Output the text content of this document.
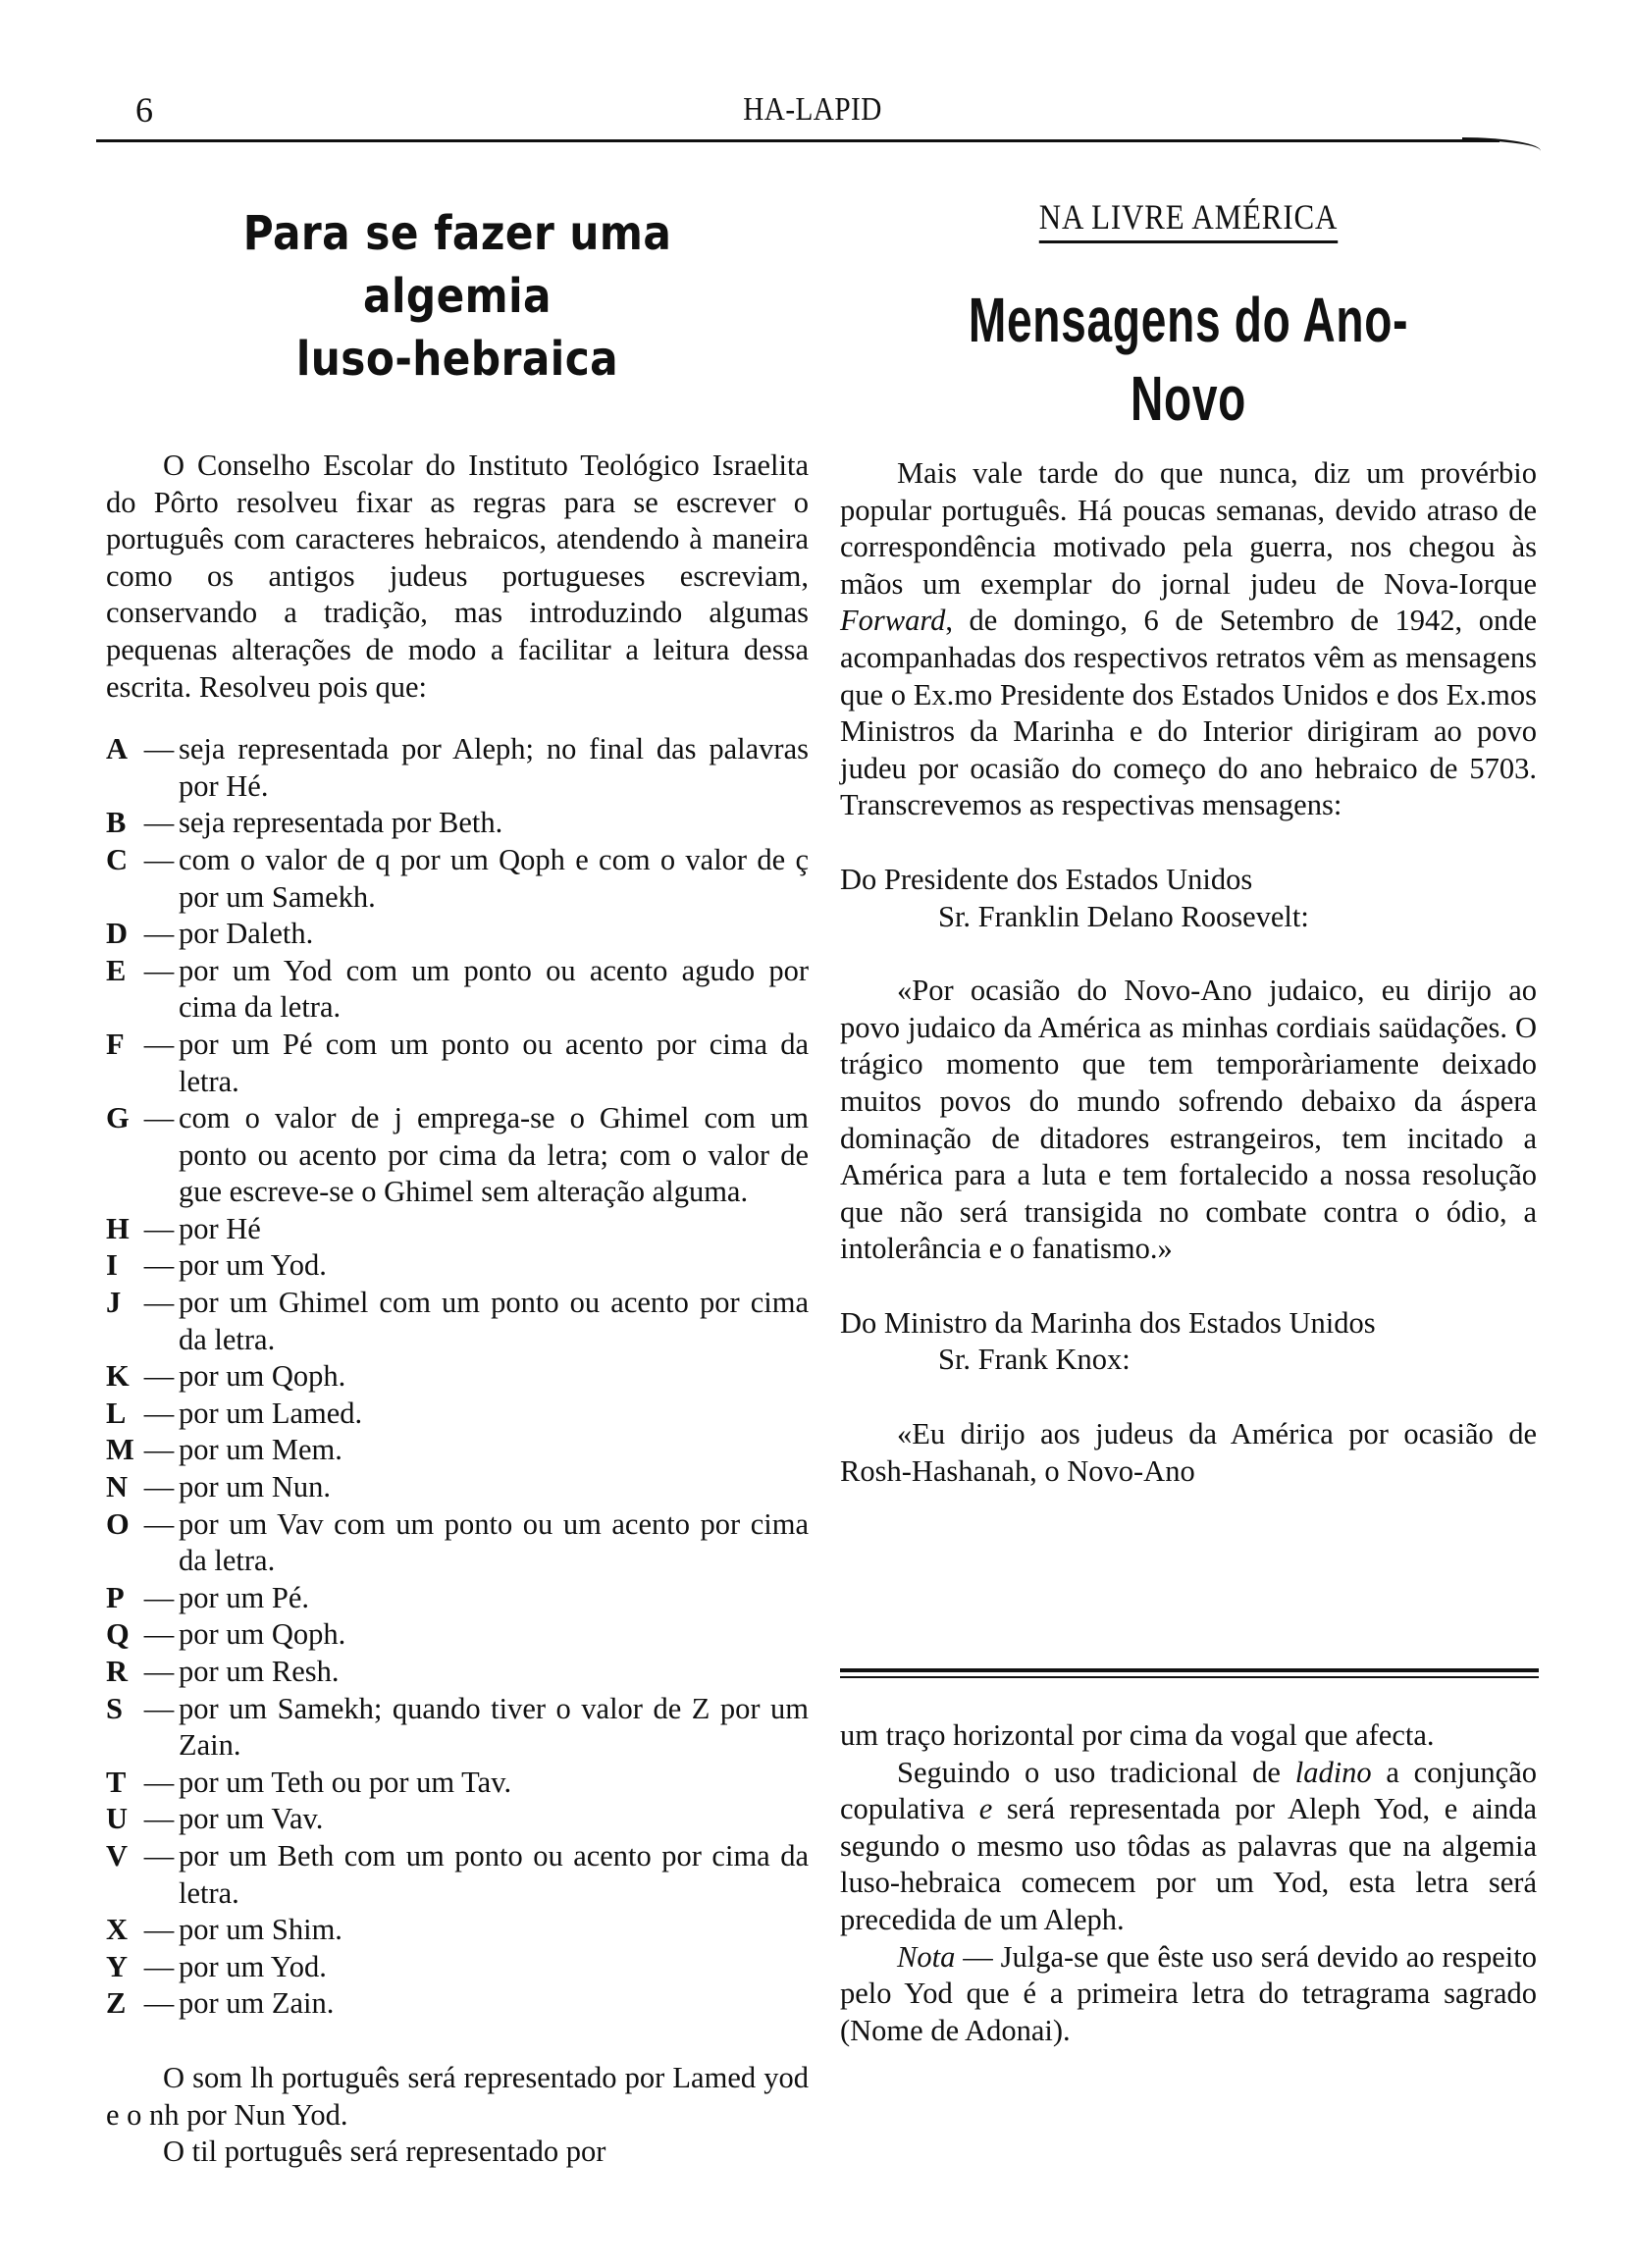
6	HA-LAPID
Para se fazer uma algemia
luso-hebraica

O Conselho Escolar do Instituto Teológico Israelita do Pôrto resolveu fixar as regras para se escrever o português com caracteres hebraicos, atendendo à maneira como os antigos judeus portugueses escreviam, conservando a tradição, mas introduzindo algumas pequenas alterações de modo a facilitar a leitura dessa escrita. Resolveu pois que:

A — seja representada por Aleph; no final das palavras por Hé.
B — seja representada por Beth.
C — com o valor de q por um Qoph e com o valor de ç por um Samekh.
D — por Daleth.
E — por um Yod com um ponto ou acento agudo por cima da letra.
F — por um Pé com um ponto ou acento por cima da letra.
G — com o valor de j emprega-se o Ghimel com um ponto ou acento por cima da letra; com o valor de gue escreve-se o Ghimel sem alteração alguma.
H — por Hé
I — por um Yod.
J — por um Ghimel com um ponto ou acento por cima da letra.
K — por um Qoph.
L — por um Lamed.
M — por um Mem.
N — por um Nun.
O — por um Vav com um ponto ou um acento por cima da letra.
P — por um Pé.
Q — por um Qoph.
R — por um Resh.
S — por um Samekh; quando tiver o valor de Z por um Zain.
T — por um Teth ou por um Tav.
U — por um Vav.
V — por um Beth com um ponto ou acento por cima da letra.
X — por um Shim.
Y — por um Yod.
Z — por um Zain.

O som lh português será representado por Lamed yod e o nh por Nun Yod.

O til português será representado por

NA LIVRE AMÉRICA
Mensagens do Ano-Novo

Mais vale tarde do que nunca, diz um provérbio popular português. Há poucas semanas, devido atraso de correspondência motivado pela guerra, nos chegou às mãos um exemplar do jornal judeu de Nova-Iorque Forward, de domingo, 6 de Setembro de 1942, onde acompanhadas dos respectivos retratos vêm as mensagens que o Ex.mo Presidente dos Estados Unidos e dos Ex.mos Ministros da Marinha e do Interior dirigiram ao povo judeu por ocasião do começo do ano hebraico de 5703. Transcrevemos as respectivas mensagens:

Do Presidente dos Estados Unidos
Sr. Franklin Delano Roosevelt:

«Por ocasião do Novo-Ano judaico, eu dirijo ao povo judaico da América as minhas cordiais saüdações. O trágico momento que tem temporàriamente deixado muitos povos do mundo sofrendo debaixo da áspera dominação de ditadores estrangeiros, tem incitado a América para a luta e tem fortalecido a nossa resolução que não será transigida no combate contra o ódio, a intolerância e o fanatismo.»

Do Ministro da Marinha dos Estados Unidos
Sr. Frank Knox:

«Eu dirijo aos judeus da América por ocasião de Rosh-Hashanah, o Novo-Ano

um traço horizontal por cima da vogal que afecta.

Seguindo o uso tradicional de ladino a conjunção copulativa e será representada por Aleph Yod, e ainda segundo o mesmo uso tôdas as palavras que na algemia luso-hebraica comecem por um Yod, esta letra será precedida de um Aleph.

Nota — Julga-se que êste uso será devido ao respeito pelo Yod que é a primeira letra do tetragrama sagrado (Nome de Adonai).
